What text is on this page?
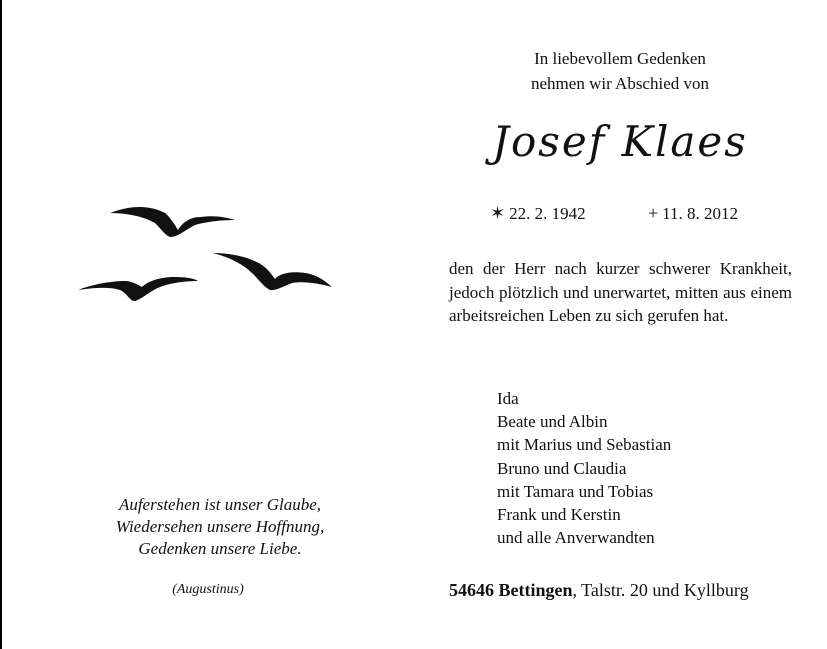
Auferstehen ist unser Glaube,
Wiedersehen unsere Hoffnung,
Gedenken unsere Liebe.
(Augustinus)
In liebevollem Gedenken
nehmen wir Abschied von
Josef Klaes
✶ 22. 2. 1942	+ 11. 8. 2012
den der Herr nach kurzer schwerer Krankheit, jedoch plötzlich und unerwartet, mitten aus einem arbeitsreichen Leben zu sich gerufen hat.
Ida
Beate und Albin
mit Marius und Sebastian
Bruno und Claudia
mit Tamara und Tobias
Frank und Kerstin
und alle Anverwandten
54646 Bettingen, Talstr. 20 und Kyllburg
